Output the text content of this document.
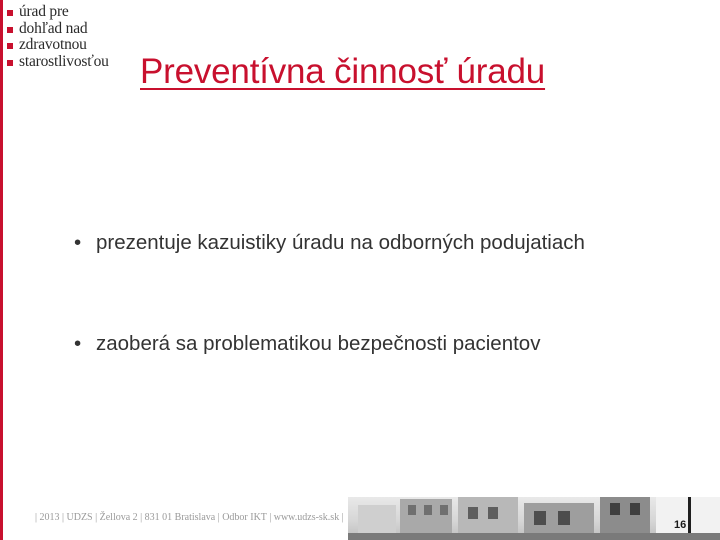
úrad pre
dohľad nad
zdravotnou
starostlivosťou Preventívna činnosť úradu
• prezentuje kazuistiky úradu na odborných podujatiach
• zaoberá sa problematikou bezpečnosti pacientov
| 2013 | UDZS | Žellova 2 | 831 01 Bratislava | Odbor IKT | www.udzs-sk.sk |
16
